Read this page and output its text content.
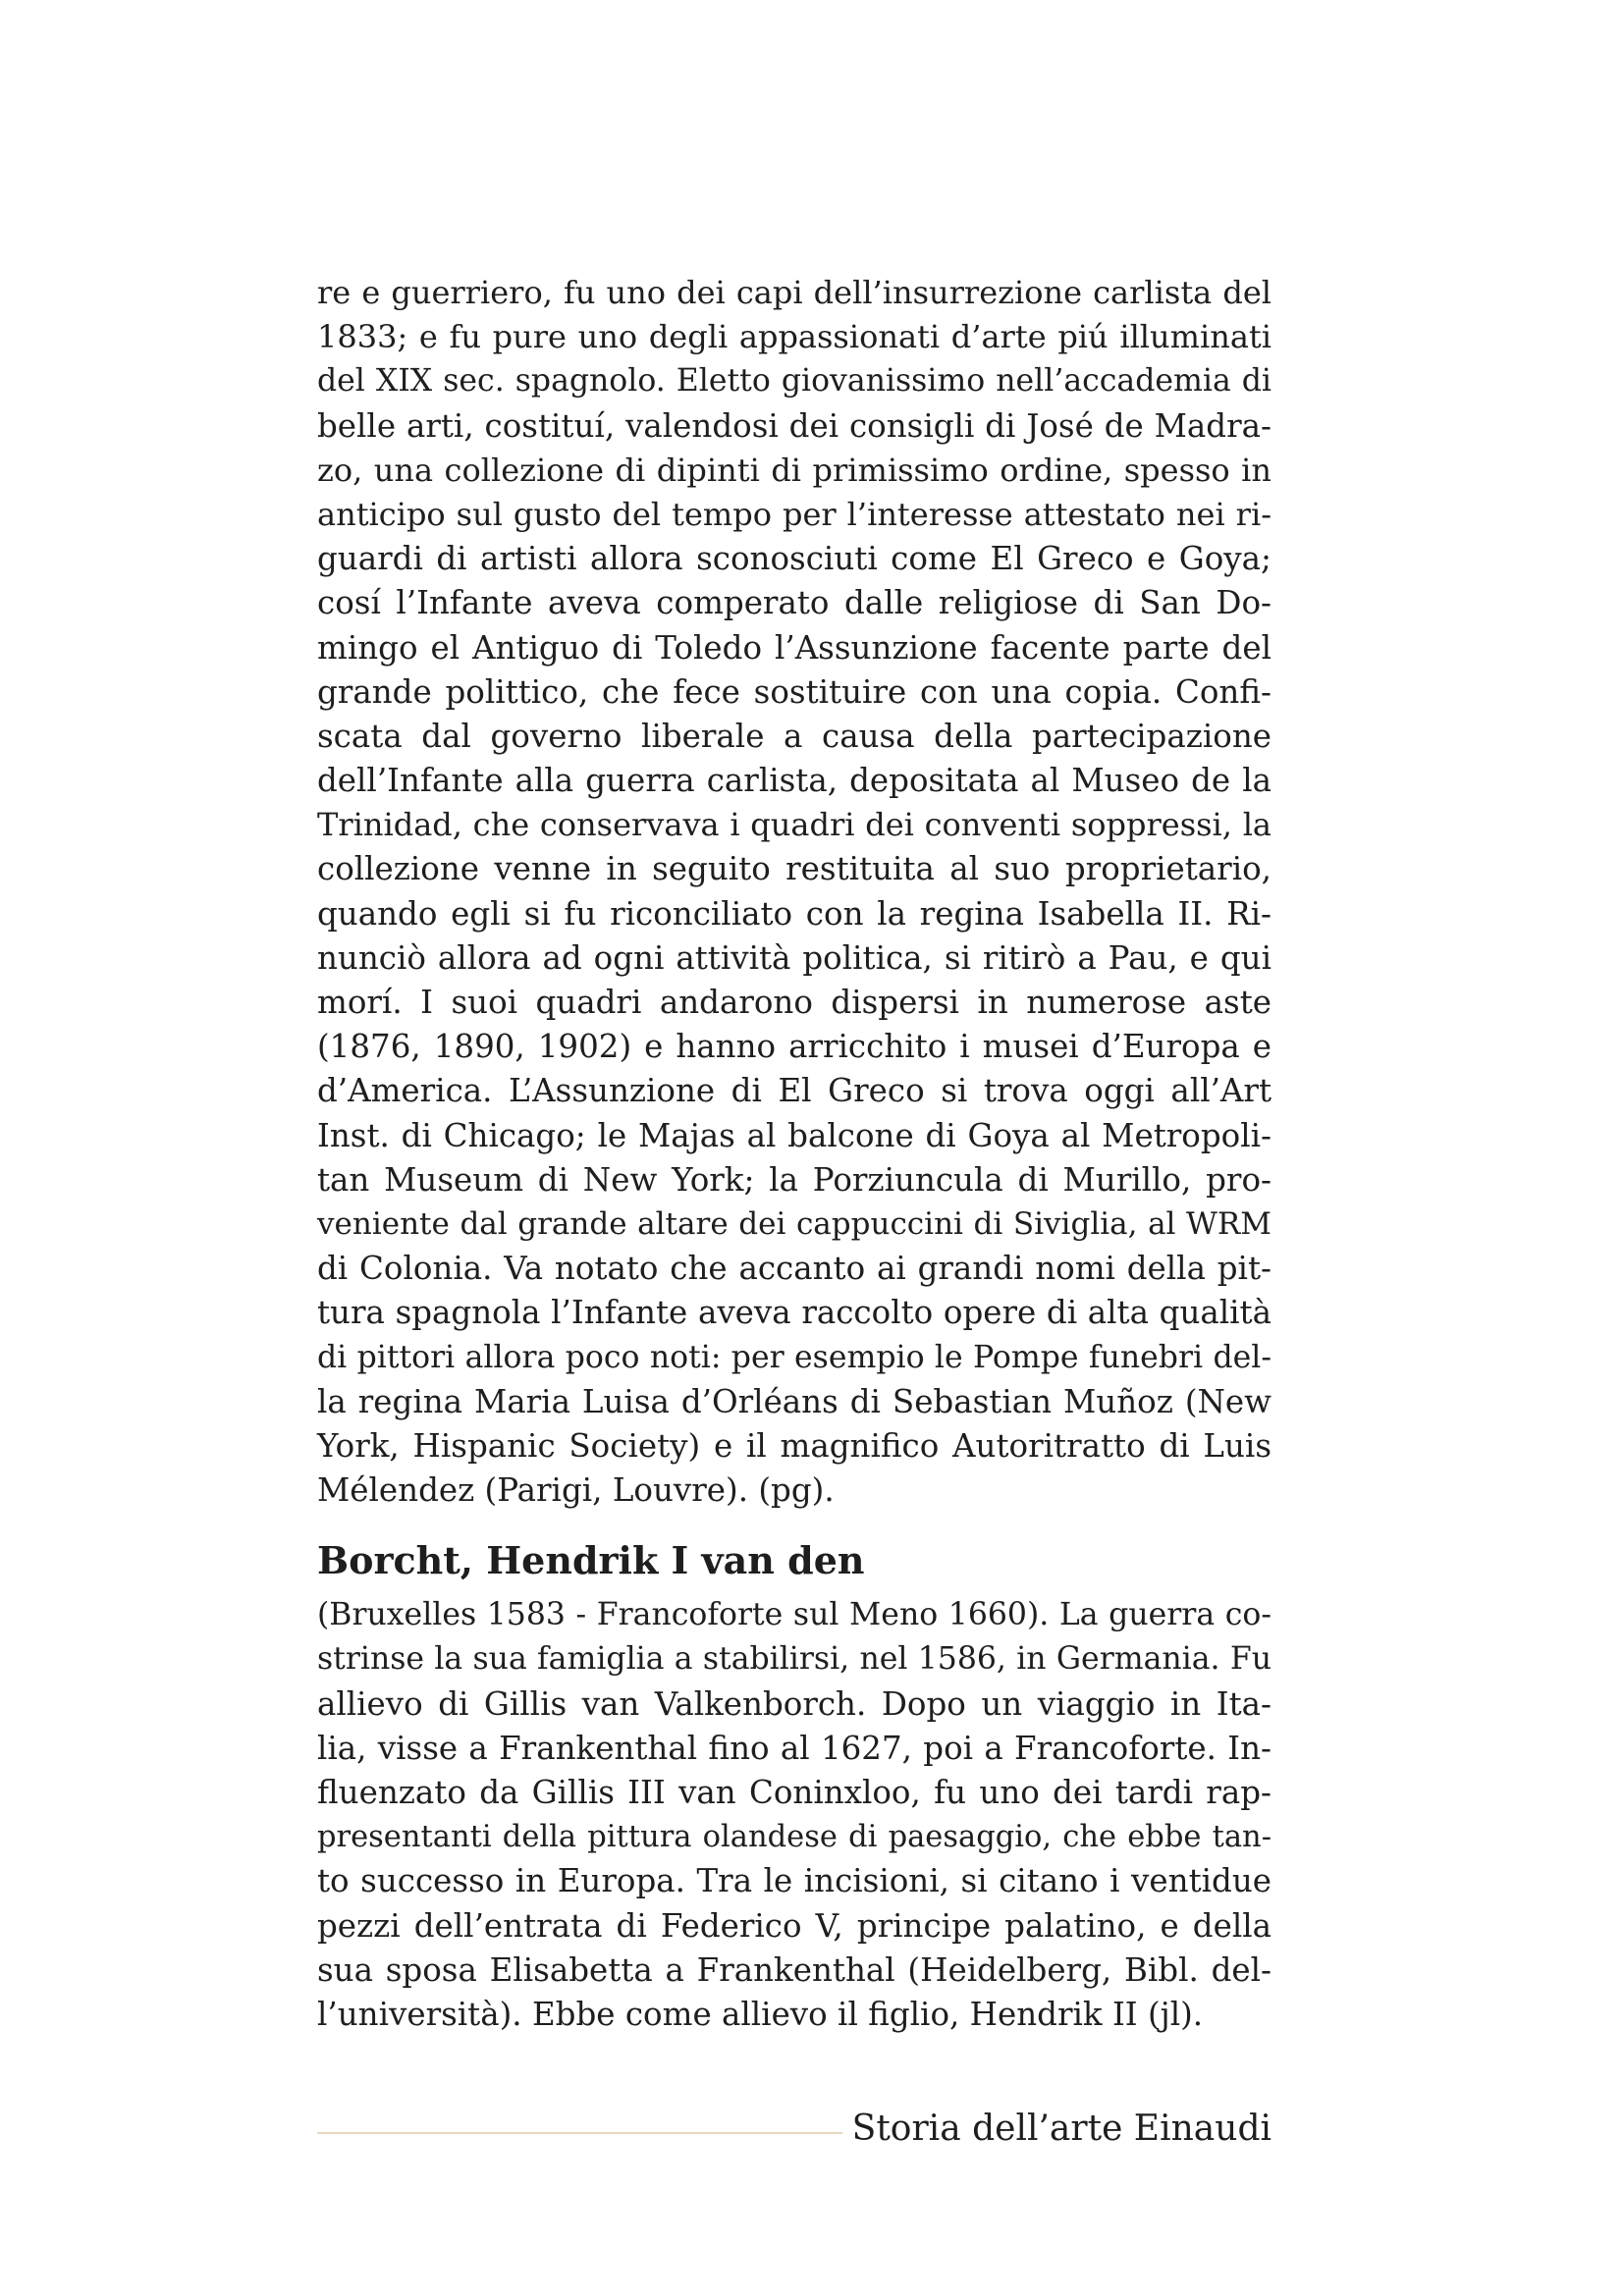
re e guerriero, fu uno dei capi dell’insurrezione carlista del
1833; e fu pure uno degli appassionati d’arte piú illuminati
del XIX sec. spagnolo. Eletto giovanissimo nell’accademia di
belle arti, costituí, valendosi dei consigli di José de Madra-
zo, una collezione di dipinti di primissimo ordine, spesso in
anticipo sul gusto del tempo per l’interesse attestato nei ri-
guardi di artisti allora sconosciuti come El Greco e Goya;
cosí l’Infante aveva comperato dalle religiose di San Do-
mingo el Antiguo di Toledo l’Assunzione facente parte del
grande polittico, che fece sostituire con una copia. Confi-
scata dal governo liberale a causa della partecipazione
dell’Infante alla guerra carlista, depositata al Museo de la
Trinidad, che conservava i quadri dei conventi soppressi, la
collezione venne in seguito restituita al suo proprietario,
quando egli si fu riconciliato con la regina Isabella II. Ri-
nunciò allora ad ogni attività politica, si ritirò a Pau, e qui
morí. I suoi quadri andarono dispersi in numerose aste
(1876, 1890, 1902) e hanno arricchito i musei d’Europa e
d’America. L’Assunzione di El Greco si trova oggi all’Art
Inst. di Chicago; le Majas al balcone di Goya al Metropoli-
tan Museum di New York; la Porziuncula di Murillo, pro-
veniente dal grande altare dei cappuccini di Siviglia, al WRM
di Colonia. Va notato che accanto ai grandi nomi della pit-
tura spagnola l’Infante aveva raccolto opere di alta qualità
di pittori allora poco noti: per esempio le Pompe funebri del-
la regina Maria Luisa d’Orléans di Sebastian Muñoz (New
York, Hispanic Society) e il magnifico Autoritratto di Luis
Mélendez (Parigi, Louvre). (pg).
Borcht, Hendrik I van den
(Bruxelles 1583 - Francoforte sul Meno 1660). La guerra co-
strinse la sua famiglia a stabilirsi, nel 1586, in Germania. Fu
allievo di Gillis van Valkenborch. Dopo un viaggio in Ita-
lia, visse a Frankenthal fino al 1627, poi a Francoforte. In-
fluenzato da Gillis III van Coninxloo, fu uno dei tardi rap-
presentanti della pittura olandese di paesaggio, che ebbe tan-
to successo in Europa. Tra le incisioni, si citano i ventidue
pezzi dell’entrata di Federico V, principe palatino, e della
sua sposa Elisabetta a Frankenthal (Heidelberg, Bibl. del-
l’università). Ebbe come allievo il figlio, Hendrik II (jl).
Storia dell’arte Einaudi
